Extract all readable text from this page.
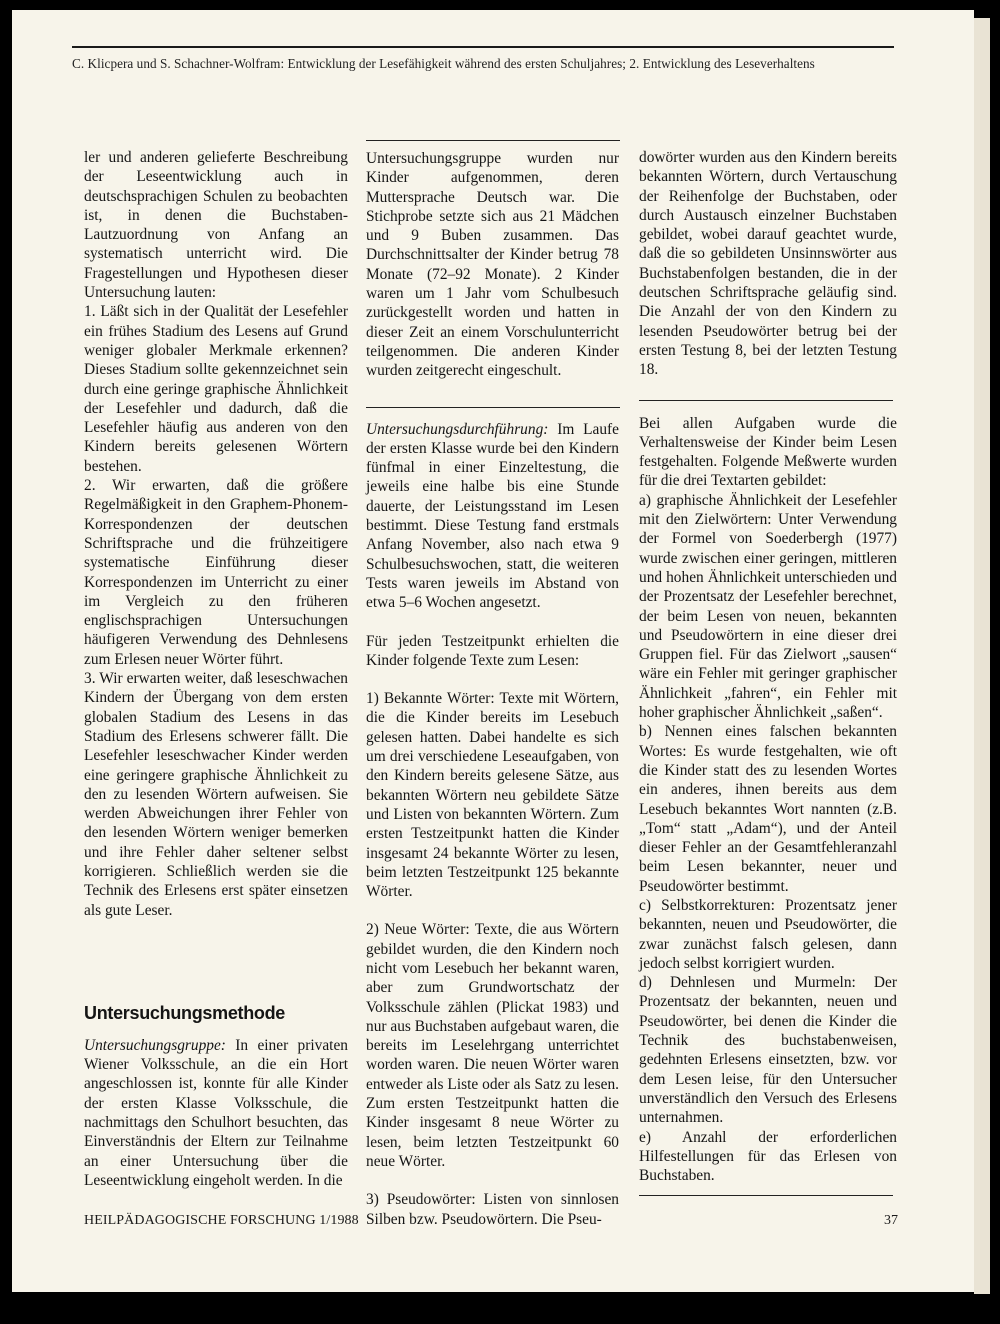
C. Klicpera und S. Schachner-Wolfram: Entwicklung der Lesefähigkeit während des ersten Schuljahres; 2. Entwicklung des Leseverhaltens

ler und anderen gelieferte Beschreibung der Leseentwicklung auch in deutschsprachigen Schulen zu beobachten ist, in denen die Buchstaben-Lautzuordnung von Anfang an systematisch unterricht wird. Die Fragestellungen und Hypothesen dieser Untersuchung lauten:

1. Läßt sich in der Qualität der Lesefehler ein frühes Stadium des Lesens auf Grund weniger globaler Merkmale erkennen? Dieses Stadium sollte gekennzeichnet sein durch eine geringe graphische Ähnlichkeit der Lesefehler und dadurch, daß die Lesefehler häufig aus anderen von den Kindern bereits gelesenen Wörtern bestehen.

2. Wir erwarten, daß die größere Regelmäßigkeit in den Graphem-Phonem-Korrespondenzen der deutschen Schriftsprache und die frühzeitigere systematische Einführung dieser Korrespondenzen im Unterricht zu einer im Vergleich zu den früheren englischsprachigen Untersuchungen häufigeren Verwendung des Dehnlesens zum Erlesen neuer Wörter führt.

3. Wir erwarten weiter, daß leseschwachen Kindern der Übergang von dem ersten globalen Stadium des Lesens in das Stadium des Erlesens schwerer fällt. Die Lesefehler leseschwacher Kinder werden eine geringere graphische Ähnlichkeit zu den zu lesenden Wörtern aufweisen. Sie werden Abweichungen ihrer Fehler von den lesenden Wörtern weniger bemerken und ihre Fehler daher seltener selbst korrigieren. Schließlich werden sie die Technik des Erlesens erst später einsetzen als gute Leser.

Untersuchungsmethode

Untersuchungsgruppe: In einer privaten Wiener Volksschule, an die ein Hort angeschlossen ist, konnte für alle Kinder der ersten Klasse Volksschule, die nachmittags den Schulhort besuchten, das Einverständnis der Eltern zur Teilnahme an einer Untersuchung über die Leseentwicklung eingeholt werden. In die

Untersuchungsgruppe wurden nur Kinder aufgenommen, deren Muttersprache Deutsch war. Die Stichprobe setzte sich aus 21 Mädchen und 9 Buben zusammen. Das Durchschnittsalter der Kinder betrug 78 Monate (72–92 Monate). 2 Kinder waren um 1 Jahr vom Schulbesuch zurückgestellt worden und hatten in dieser Zeit an einem Vorschulunterricht teilgenommen. Die anderen Kinder wurden zeitgerecht eingeschult.

Untersuchungsdurchführung: Im Laufe der ersten Klasse wurde bei den Kindern fünfmal in einer Einzeltestung, die jeweils eine halbe bis eine Stunde dauerte, der Leistungsstand im Lesen bestimmt. Diese Testung fand erstmals Anfang November, also nach etwa 9 Schulbesuchswochen, statt, die weiteren Tests waren jeweils im Abstand von etwa 5–6 Wochen angesetzt.

Für jeden Testzeitpunkt erhielten die Kinder folgende Texte zum Lesen:

1) Bekannte Wörter: Texte mit Wörtern, die die Kinder bereits im Lesebuch gelesen hatten. Dabei handelte es sich um drei verschiedene Leseaufgaben, von den Kindern bereits gelesene Sätze, aus bekannten Wörtern neu gebildete Sätze und Listen von bekannten Wörtern. Zum ersten Testzeitpunkt hatten die Kinder insgesamt 24 bekannte Wörter zu lesen, beim letzten Testzeitpunkt 125 bekannte Wörter.

2) Neue Wörter: Texte, die aus Wörtern gebildet wurden, die den Kindern noch nicht vom Lesebuch her bekannt waren, aber zum Grundwortschatz der Volksschule zählen (Plickat 1983) und nur aus Buchstaben aufgebaut waren, die bereits im Leselehrgang unterrichtet worden waren. Die neuen Wörter waren entweder als Liste oder als Satz zu lesen. Zum ersten Testzeitpunkt hatten die Kinder insgesamt 8 neue Wörter zu lesen, beim letzten Testzeitpunkt 60 neue Wörter.

3) Pseudowörter: Listen von sinnlosen Silben bzw. Pseudowörtern. Die Pseu-

dowörter wurden aus den Kindern bereits bekannten Wörtern, durch Vertauschung der Reihenfolge der Buchstaben, oder durch Austausch einzelner Buchstaben gebildet, wobei darauf geachtet wurde, daß die so gebildeten Unsinnswörter aus Buchstabenfolgen bestanden, die in der deutschen Schriftsprache geläufig sind. Die Anzahl der von den Kindern zu lesenden Pseudowörter betrug bei der ersten Testung 8, bei der letzten Testung 18.

Bei allen Aufgaben wurde die Verhaltensweise der Kinder beim Lesen festgehalten. Folgende Meßwerte wurden für die drei Textarten gebildet:

a) graphische Ähnlichkeit der Lesefehler mit den Zielwörtern: Unter Verwendung der Formel von Soederbergh (1977) wurde zwischen einer geringen, mittleren und hohen Ähnlichkeit unterschieden und der Prozentsatz der Lesefehler berechnet, der beim Lesen von neuen, bekannten und Pseudowörtern in eine dieser drei Gruppen fiel. Für das Zielwort „sausen“ wäre ein Fehler mit geringer graphischer Ähnlichkeit „fahren“, ein Fehler mit hoher graphischer Ähnlichkeit „saßen“.

b) Nennen eines falschen bekannten Wortes: Es wurde festgehalten, wie oft die Kinder statt des zu lesenden Wortes ein anderes, ihnen bereits aus dem Lesebuch bekanntes Wort nannten (z.B. „Tom“ statt „Adam“), und der Anteil dieser Fehler an der Gesamtfehleranzahl beim Lesen bekannter, neuer und Pseudowörter bestimmt.

c) Selbstkorrekturen: Prozentsatz jener bekannten, neuen und Pseudowörter, die zwar zunächst falsch gelesen, dann jedoch selbst korrigiert wurden.

d) Dehnlesen und Murmeln: Der Prozentsatz der bekannten, neuen und Pseudowörter, bei denen die Kinder die Technik des buchstabenweisen, gedehnten Erlesens einsetzten, bzw. vor dem Lesen leise, für den Untersucher unverständlich den Versuch des Erlesens unternahmen.

e) Anzahl der erforderlichen Hilfestellungen für das Erlesen von Buchstaben.

HEILPÄDAGOGISCHE FORSCHUNG 1/1988	37
